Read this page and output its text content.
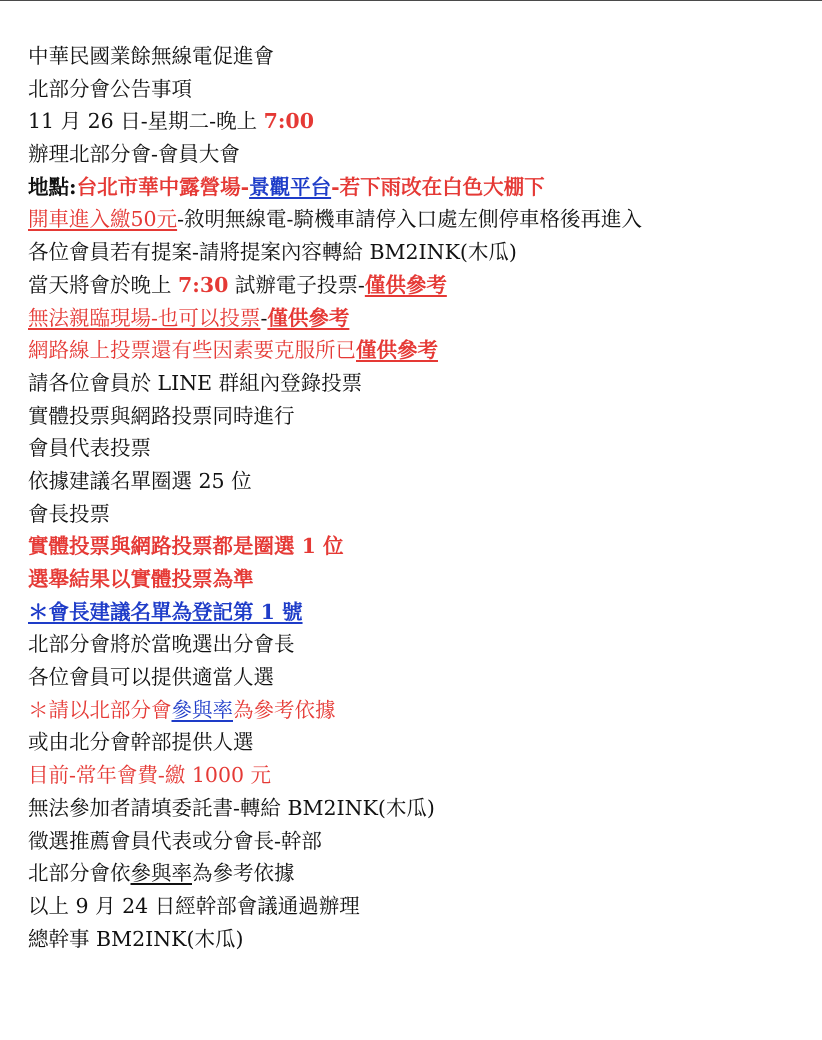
中華民國業餘無線電促進會
北部分會公告事項
11 月 26 日-星期二-晚上 7:00
辦理北部分會-會員大會
地點:台北市華中露營場-景觀平台-若下雨改在白色大棚下
開車進入繳50元-敘明無線電-騎機車請停入口處左側停車格後再進入
各位會員若有提案-請將提案內容轉給 BM2INK(木瓜)
當天將會於晚上 7:30 試辦電子投票-僅供參考
無法親臨現場-也可以投票-僅供參考
網路線上投票還有些因素要克服所已僅供參考
請各位會員於 LINE 群組內登錄投票
實體投票與網路投票同時進行
會員代表投票
依據建議名單圈選 25 位
會長投票
實體投票與網路投票都是圈選 1 位
選舉結果以實體投票為準
＊會長建議名單為登記第 1 號
北部分會將於當晚選出分會長
各位會員可以提供適當人選
＊請以北部分會參與率為參考依據
或由北分會幹部提供人選
目前-常年會費-繳 1000 元
無法參加者請填委託書-轉給 BM2INK(木瓜)
徵選推薦會員代表或分會長-幹部
北部分會依參與率為參考依據
以上 9 月 24 日經幹部會議通過辦理
總幹事 BM2INK(木瓜)
